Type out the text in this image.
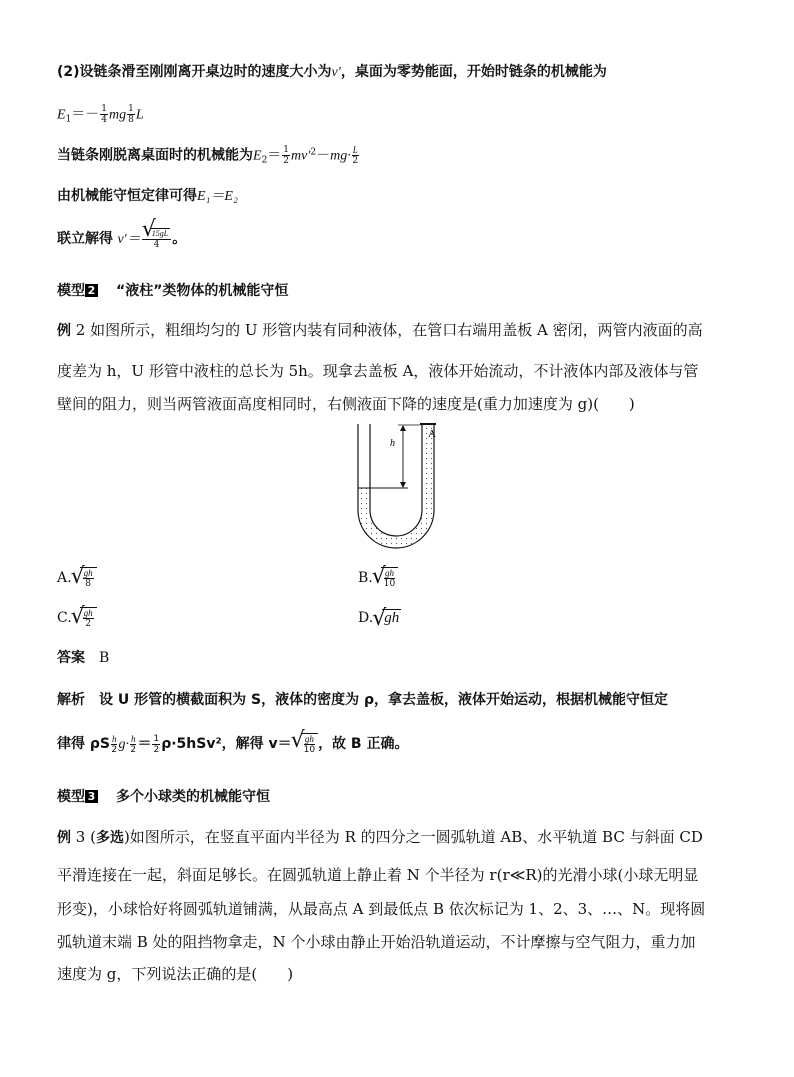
(2)设链条滑至刚刚离开桌边时的速度大小为v′，桌面为零势能面，开始时链条的机械能为
$E_1=- \frac{1}{4}$ mg $\frac{1}{8}$ L
当链条刚脱离桌面时的机械能为$E_2= \frac{1}{2} mv'^2-mg\cdot \frac{L}{2}$
由机械能守恒定律可得E₁＝E₂
联立解得 v′＝ √ $\frac{15gL}{4}$ 。
模型 2 “液柱”类物体的机械能守恒
例 2 如图所示，粗细均匀的 U 形管内装有同种液体，在管口右端用盖板 A 密闭，两管内液面的高
度差为 h，U 形管中液柱的总长为 5h。现拿去盖板 A，液体开始流动，不计液体内部及液体与管
壁间的阻力，则当两管液面高度相同时，右侧液面下降的速度是(重力加速度为 g)(　　)
h
A
A. √ $\frac{gh}{8}$	B. √ $\frac{gh}{10}$
C. √ $\frac{gh}{2}$	D. √ gh
答案　 B
解析　 设 U 形管的横截面积为 S，液体的密度为 ρ，拿去盖板，液体开始运动，根据机械能守恒定
律得 ρS $\frac{h}{2} g\cdot \frac{h}{2} = \frac{1}{2} \rho\cdot 5hSv^2$，解得 v＝ √ $\frac{gh}{10}$ ，故 B 正确。
模型 3 多个小球类的机械能守恒
例 3 (多选)如图所示，在竖直平面内半径为 R 的四分之一圆弧轨道 AB、水平轨道 BC 与斜面 CD
平滑连接在一起，斜面足够长。在圆弧轨道上静止着 N 个半径为 r(r≪R)的光滑小球(小球无明显
形变)，小球恰好将圆弧轨道铺满，从最高点 A 到最低点 B 依次标记为 1、2、3、…、N。现将圆
弧轨道末端 B 处的阻挡物拿走，N 个小球由静止开始沿轨道运动，不计摩擦与空气阻力，重力加
速度为 g，下列说法正确的是(　　)
